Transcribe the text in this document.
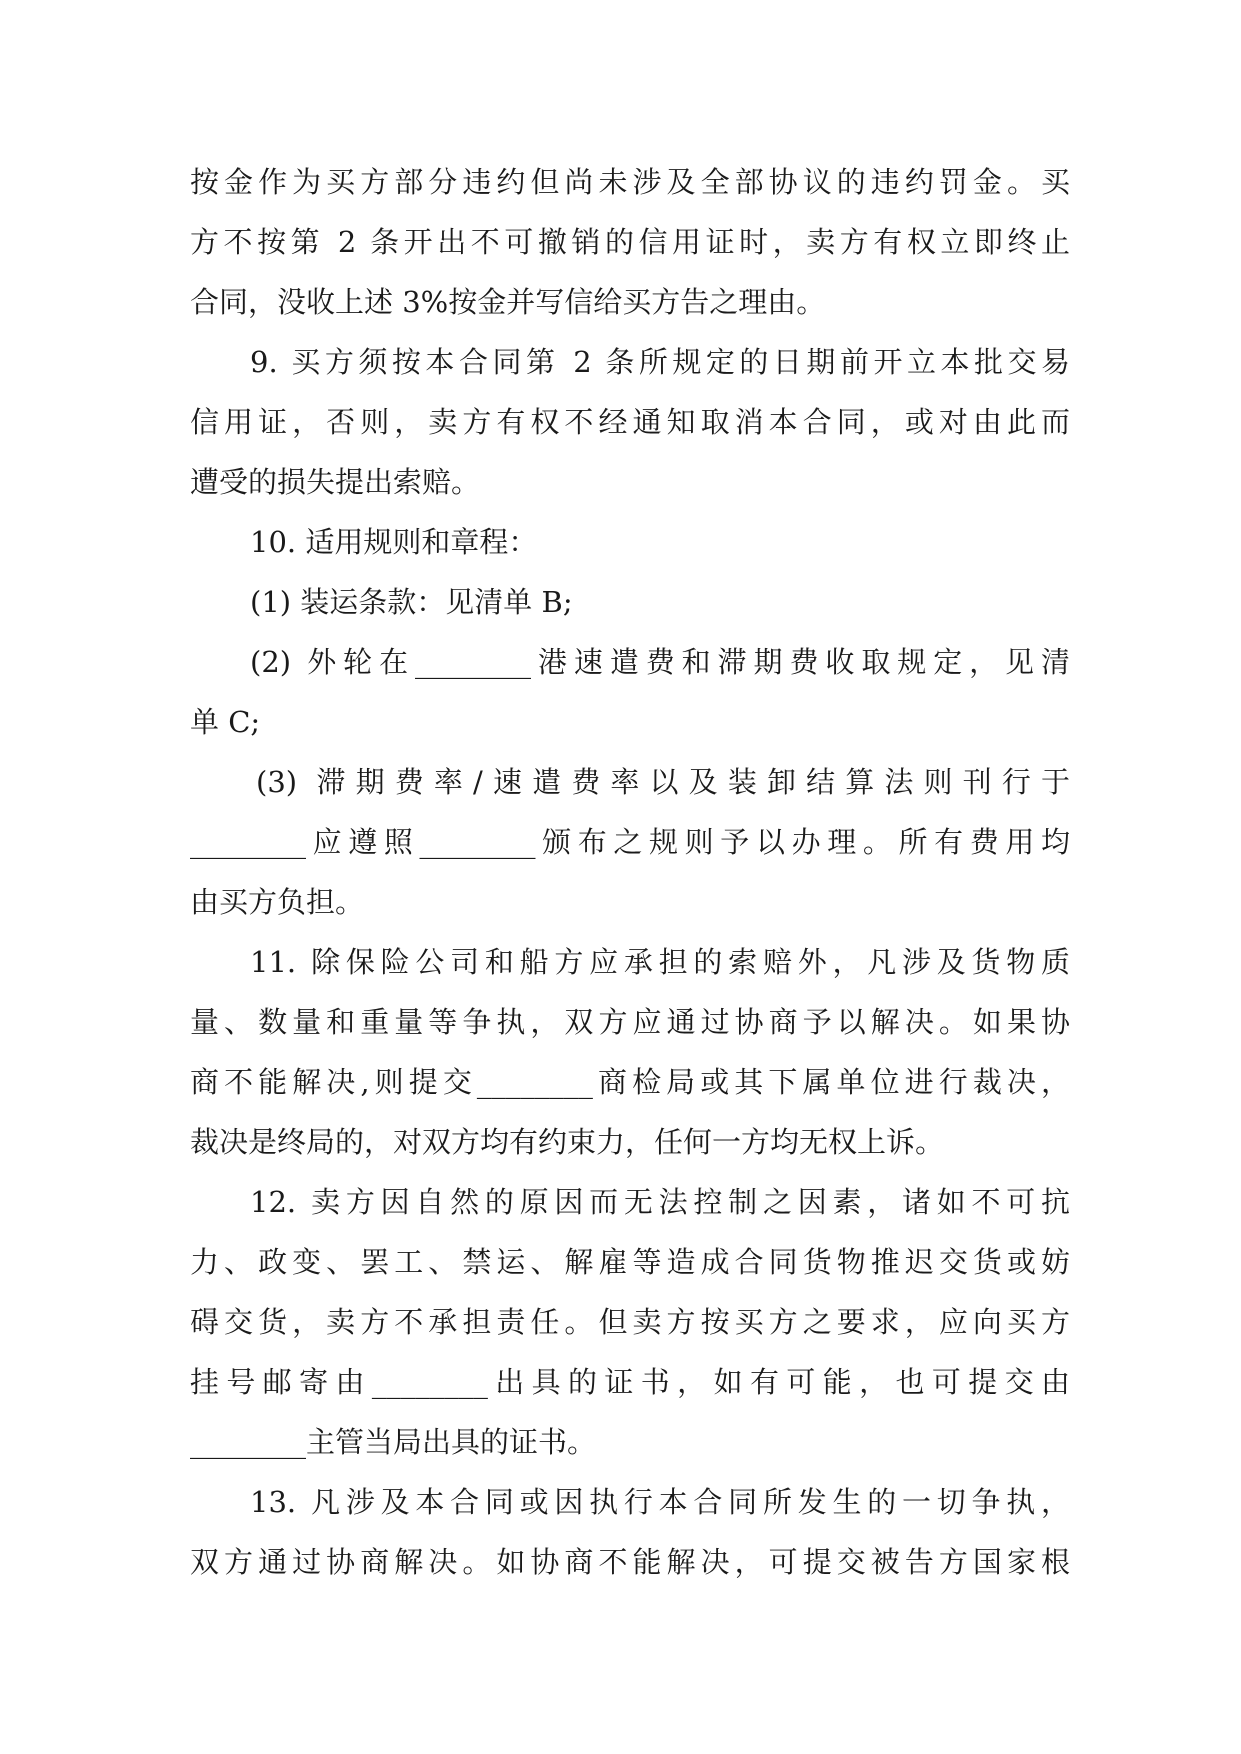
按金作为买方部分违约但尚未涉及全部协议的违约罚金。买
方不按第 2 条开出不可撤销的信用证时，卖方有权立即终止
合同，没收上述 3%按金并写信给买方告之理由。
9. 买方须按本合同第 2 条所规定的日期前开立本批交易
信用证，否则，卖方有权不经通知取消本合同，或对由此而
遭受的损失提出索赔。
10. 适用规则和章程：
(1) 装运条款：见清单 B;
(2) 外轮在________港速遣费和滞期费收取规定，见清
单 C;
(3) 滞期费率/速遣费率以及装卸结算法则刊行于
________应遵照________颁布之规则予以办理。所有费用均
由买方负担。
11. 除保险公司和船方应承担的索赔外，凡涉及货物质
量、数量和重量等争执，双方应通过协商予以解决。如果协
商不能解决,则提交________商检局或其下属单位进行裁决，
裁决是终局的，对双方均有约束力，任何一方均无权上诉。
12. 卖方因自然的原因而无法控制之因素，诸如不可抗
力、政变、罢工、禁运、解雇等造成合同货物推迟交货或妨
碍交货，卖方不承担责任。但卖方按买方之要求，应向买方
挂号邮寄由________出具的证书，如有可能，也可提交由
________主管当局出具的证书。
13. 凡涉及本合同或因执行本合同所发生的一切争执，
双方通过协商解决。如协商不能解决，可提交被告方国家根
